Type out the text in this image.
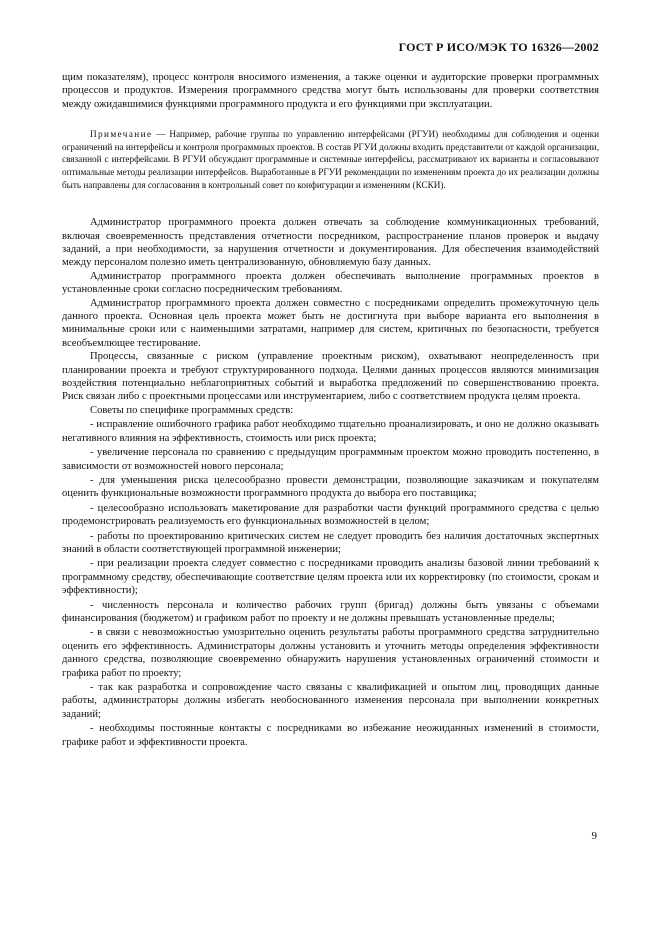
ГОСТ Р ИСО/МЭК ТО 16326—2002

щим показателям), процесс контроля вносимого изменения, а также оценки и аудиторские проверки программных процессов и продуктов. Измерения программного средства могут быть использованы для проверки соответствия между ожидавшимися функциями программного продукта и его функциями при эксплуатации.

Примечание — Например, рабочие группы по управлению интерфейсами (РГУИ) необходимы для соблюдения и оценки ограничений на интерфейсы и контроля программных проектов. В состав РГУИ должны входить представители от каждой организации, связанной с интерфейсами. В РГУИ обсуждают программные и системные интерфейсы, рассматривают их варианты и согласовывают оптимальные методы реализации интерфейсов. Выработанные в РГУИ рекомендации по изменениям проекта до их реализации должны быть направлены для согласования в контрольный совет по конфигурации и изменениям (КСКИ).

Администратор программного проекта должен отвечать за соблюдение коммуникационных требований, включая своевременность представления отчетности посредником, распространение планов проверок и выдачу заданий, а при необходимости, за нарушения отчетности и документирования. Для обеспечения взаимодействий между персоналом полезно иметь централизованную, обновляемую базу данных.

Администратор программного проекта должен обеспечивать выполнение программных проектов в установленные сроки согласно посредническим требованиям.

Администратор программного проекта должен совместно с посредниками определить промежуточную цель данного проекта. Основная цель проекта может быть не достигнута при выборе варианта его выполнения в минимальные сроки или с наименьшими затратами, например для систем, критичных по безопасности, требуется всеобъемлющее тестирование.

Процессы, связанные с риском (управление проектным риском), охватывают неопределенность при планировании проекта и требуют структурированного подхода. Целями данных процессов являются минимизация воздействия потенциально неблагоприятных событий и выработка предложений по совершенствованию проекта. Риск связан либо с проектными процессами или инструментарием, либо с соответствием продукта целям проекта.

Советы по специфике программных средств:

- исправление ошибочного графика работ необходимо тщательно проанализировать, и оно не должно оказывать негативного влияния на эффективность, стоимость или риск проекта;

- увеличение персонала по сравнению с предыдущим программным проектом можно проводить постепенно, в зависимости от возможностей нового персонала;

- для уменьшения риска целесообразно провести демонстрации, позволяющие заказчикам и покупателям оценить функциональные возможности программного продукта до выбора его поставщика;

- целесообразно использовать макетирование для разработки части функций программного средства с целью продемонстрировать реализуемость его функциональных возможностей в целом;

- работы по проектированию критических систем не следует проводить без наличия достаточных экспертных знаний в области соответствующей программной инженерии;

- при реализации проекта следует совместно с посредниками проводить анализы базовой линии требований к программному средству, обеспечивающие соответствие целям проекта или их корректировку (по стоимости, срокам и эффективности);

- численность персонала и количество рабочих групп (бригад) должны быть увязаны с объемами финансирования (бюджетом) и графиком работ по проекту и не должны превышать установленные пределы;

- в связи с невозможностью умозрительно оценить результаты работы программного средства затруднительно оценить его эффективность. Администраторы должны установить и уточнить методы определения эффективности данного средства, позволяющие своевременно обнаружить нарушения установленных ограничений стоимости и графика работ по проекту;

- так как разработка и сопровождение часто связаны с квалификацией и опытом лиц, проводящих данные работы, администраторы должны избегать необоснованного изменения персонала при выполнении конкретных заданий;

- необходимы постоянные контакты с посредниками во избежание неожиданных изменений в стоимости, графике работ и эффективности проекта.

9
